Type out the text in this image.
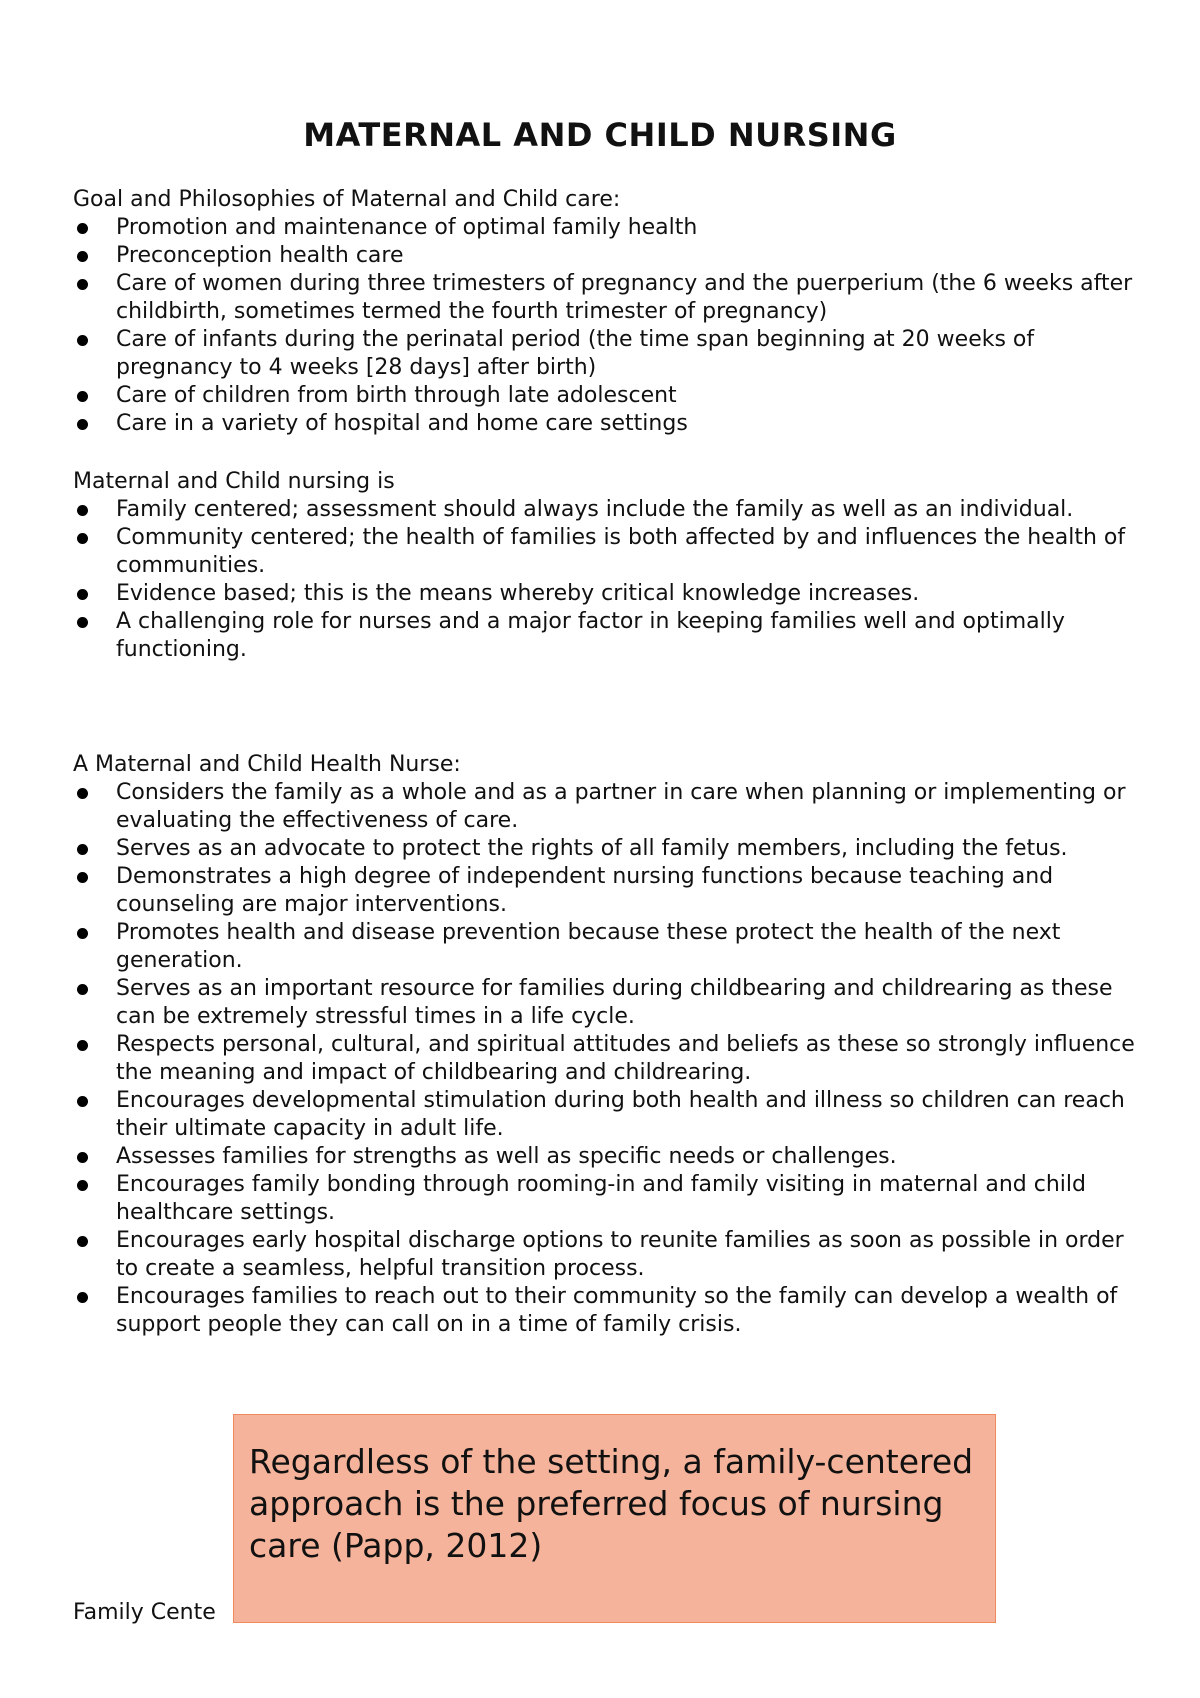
MATERNAL AND CHILD NURSING

Goal and Philosophies of Maternal and Child care:

Promotion and maintenance of optimal family health
Preconception health care
Care of women during three trimesters of pregnancy and the puerperium (the 6 weeks after childbirth, sometimes termed the fourth trimester of pregnancy)
Care of infants during the perinatal period (the time span beginning at 20 weeks of pregnancy to 4 weeks [28 days] after birth)
Care of children from birth through late adolescent
Care in a variety of hospital and home care settings

Maternal and Child nursing is

Family centered; assessment should always include the family as well as an individual.
Community centered; the health of families is both affected by and influences the health of communities.
Evidence based; this is the means whereby critical knowledge increases.
A challenging role for nurses and a major factor in keeping families well and optimally functioning.

A Maternal and Child Health Nurse:

Considers the family as a whole and as a partner in care when planning or implementing or evaluating the effectiveness of care.
Serves as an advocate to protect the rights of all family members, including the fetus.
Demonstrates a high degree of independent nursing functions because teaching and counseling are major interventions.
Promotes health and disease prevention because these protect the health of the next generation.
Serves as an important resource for families during childbearing and childrearing as these can be extremely stressful times in a life cycle.
Respects personal, cultural, and spiritual attitudes and beliefs as these so strongly influence the meaning and impact of childbearing and childrearing.
Encourages developmental stimulation during both health and illness so children can reach their ultimate capacity in adult life.
Assesses families for strengths as well as specific needs or challenges.
Encourages family bonding through rooming-in and family visiting in maternal and child healthcare settings.
Encourages early hospital discharge options to reunite families as soon as possible in order to create a seamless, helpful transition process.
Encourages families to reach out to their community so the family can develop a wealth of support people they can call on in a time of family crisis.
Family Cente
Regardless of the setting, a family-centered approach is the preferred focus of nursing care (Papp, 2012)
